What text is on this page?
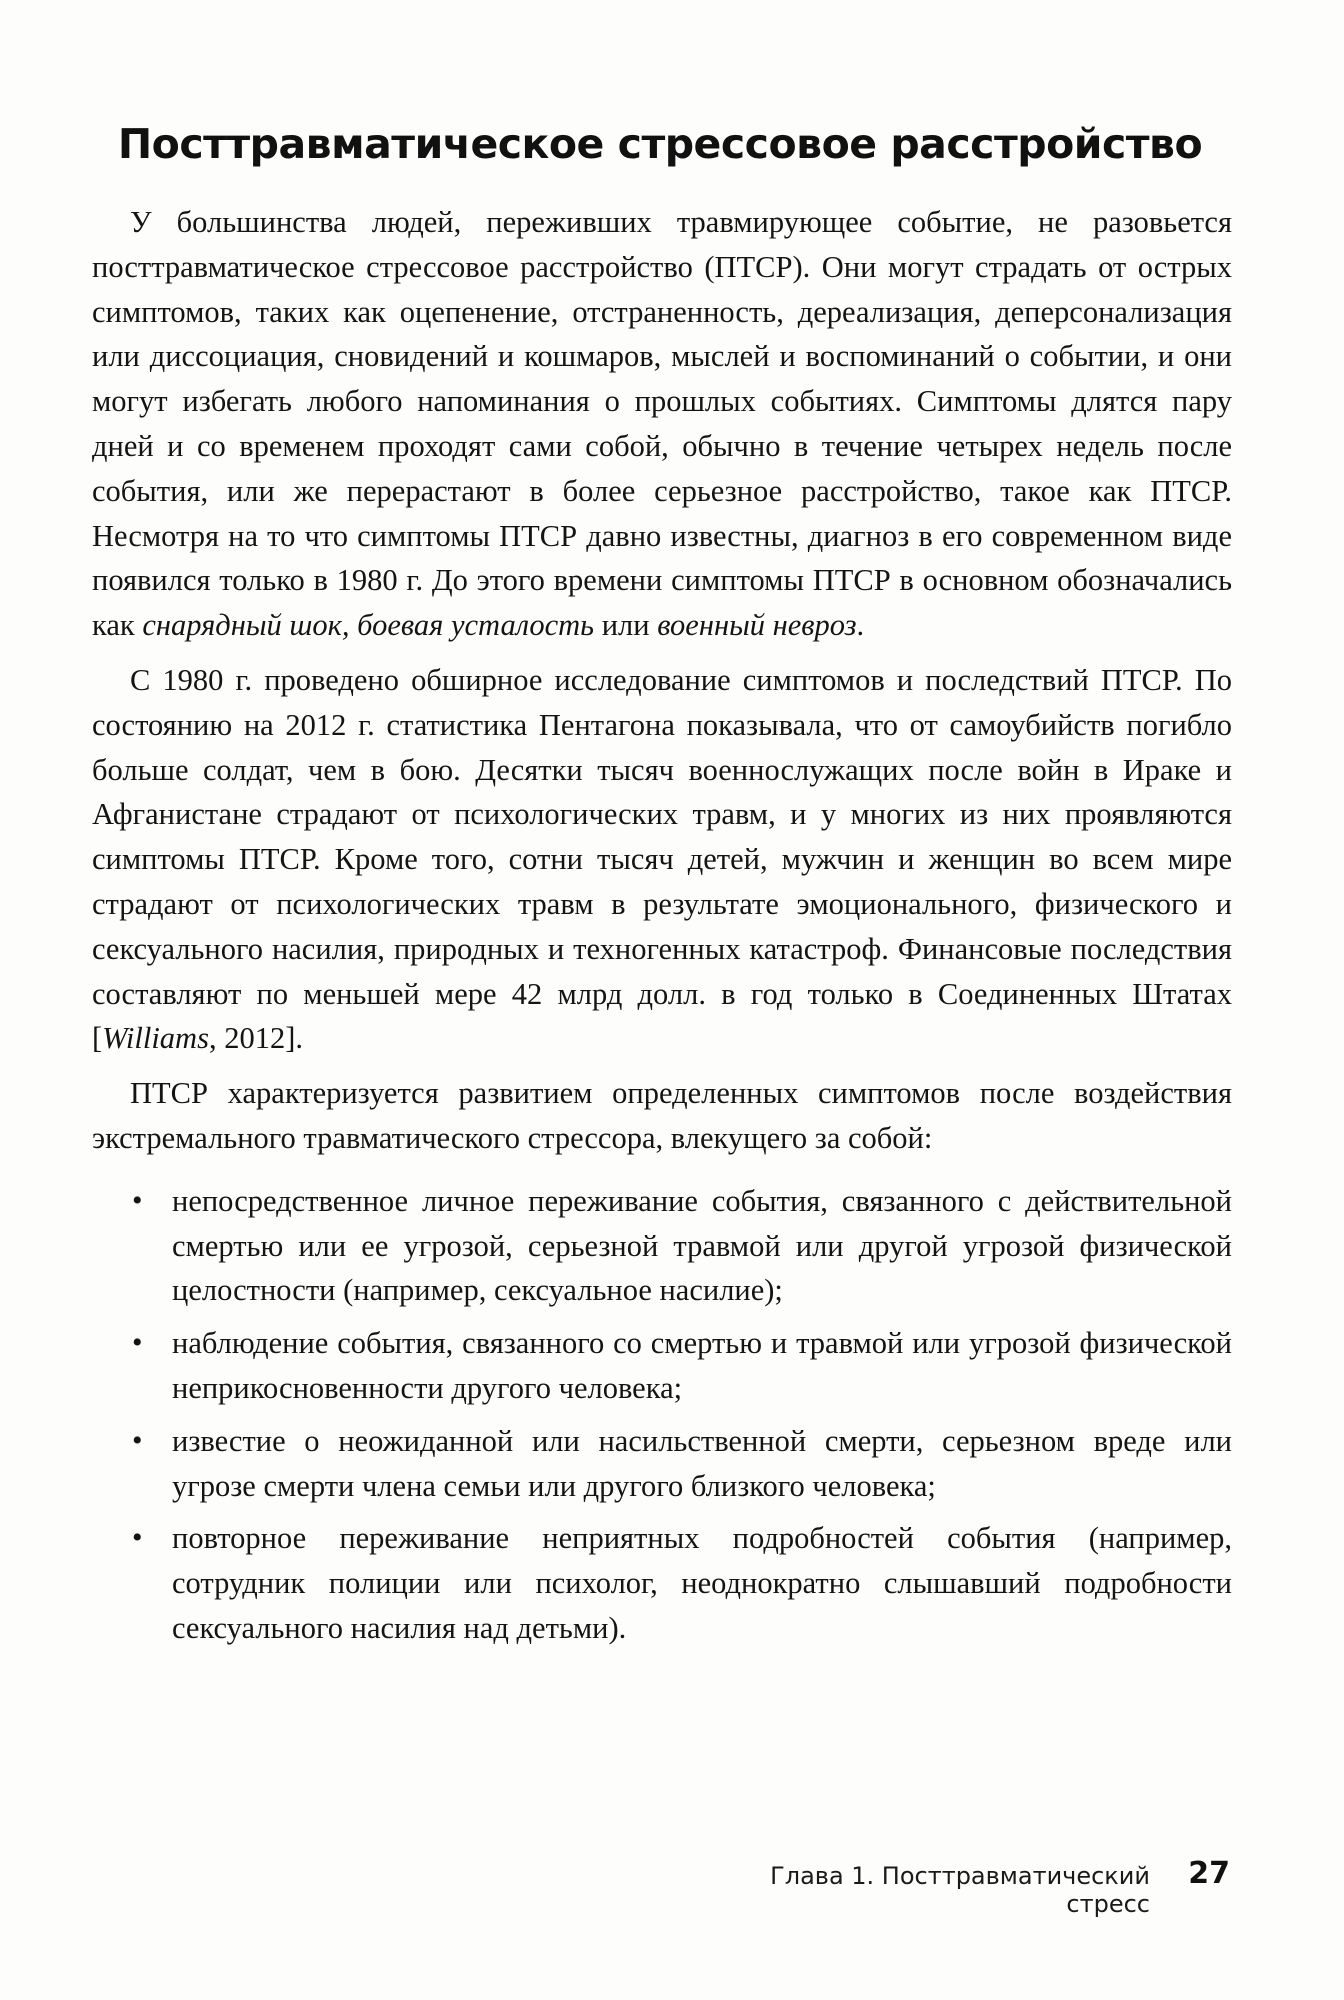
Посттравматическое стрессовое расстройство

У большинства людей, переживших травмирующее событие, не разовьется посттравматическое стрессовое расстройство (ПТСР). Они могут страдать от острых симптомов, таких как оцепенение, отстраненность, дереализация, деперсонализация или диссоциация, сновидений и кошмаров, мыслей и воспоминаний о событии, и они могут избегать любого напоминания о прошлых событиях. Симптомы длятся пару дней и со временем проходят сами собой, обычно в течение четырех недель после события, или же перерастают в более серьезное расстройство, такое как ПТСР. Несмотря на то что симптомы ПТСР давно известны, диагноз в его современном виде появился только в 1980 г. До этого времени симптомы ПТСР в основном обозначались как снарядный шок, боевая усталость или военный невроз.

С 1980 г. проведено обширное исследование симптомов и последствий ПТСР. По состоянию на 2012 г. статистика Пентагона показывала, что от самоубийств погибло больше солдат, чем в бою. Десятки тысяч военнослужащих после войн в Ираке и Афганистане страдают от психологических травм, и у многих из них проявляются симптомы ПТСР. Кроме того, сотни тысяч детей, мужчин и женщин во всем мире страдают от психологических травм в результате эмоционального, физического и сексуального насилия, природных и техногенных катастроф. Финансовые последствия составляют по меньшей мере 42 млрд долл. в год только в Соединенных Штатах [Williams, 2012].

ПТСР характеризуется развитием определенных симптомов после воздействия экстремального травматического стрессора, влекущего за собой:

• непосредственное личное переживание события, связанного с действительной смертью или ее угрозой, серьезной травмой или другой угрозой физической целостности (например, сексуальное насилие);
• наблюдение события, связанного со смертью и травмой или угрозой физической неприкосновенности другого человека;
• известие о неожиданной или насильственной смерти, серьезном вреде или угрозе смерти члена семьи или другого близкого человека;
• повторное переживание неприятных подробностей события (например, сотрудник полиции или психолог, неоднократно слышавший подробности сексуального насилия над детьми).
Глава 1. Посттравматический стресс
27
